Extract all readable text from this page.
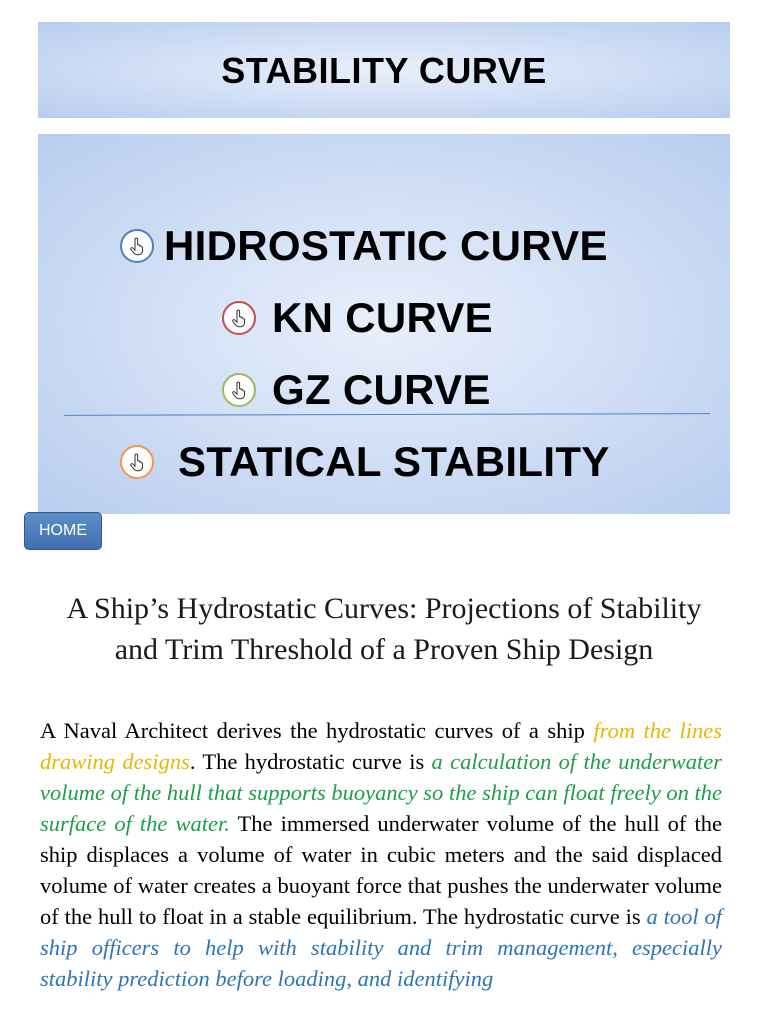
STABILITY CURVE
HIDROSTATIC CURVE
KN CURVE
GZ CURVE
STATICAL STABILITY
HOME
A Ship’s Hydrostatic Curves: Projections of Stability and Trim Threshold of a Proven Ship Design

A Naval Architect derives the hydrostatic curves of a ship from the lines drawing designs. The hydrostatic curve is a calculation of the underwater volume of the hull that supports buoyancy so the ship can float freely on the surface of the water. The immersed underwater volume of the hull of the ship displaces a volume of water in cubic meters and the said displaced volume of water creates a buoyant force that pushes the underwater volume of the hull to float in a stable equilibrium. The hydrostatic curve is a tool of ship officers to help with stability and trim management, especially stability prediction before loading, and identifying
